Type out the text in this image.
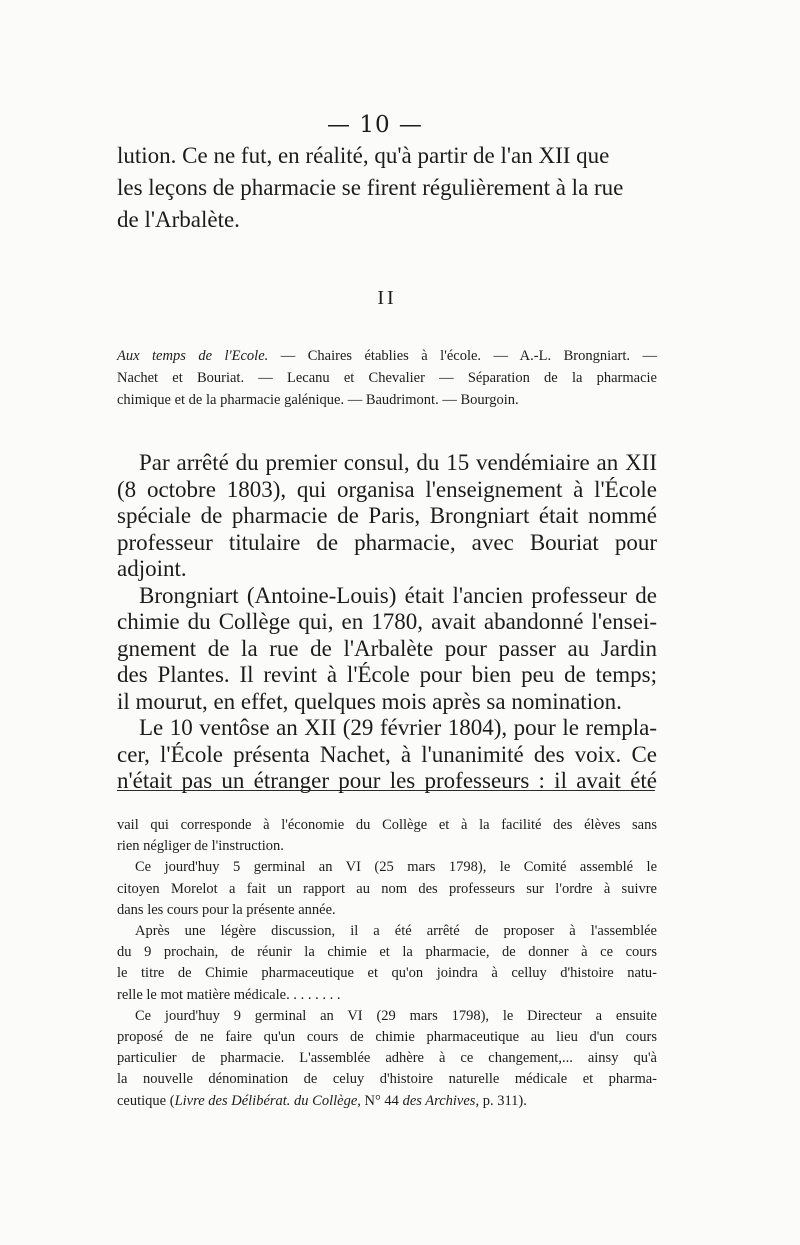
— 10 —
lution. Ce ne fut, en réalité, qu'à partir de l'an XII que
les leçons de pharmacie se firent régulièrement à la rue
de l'Arbalète.
II
Aux temps de l'Ecole. — Chaires établies à l'école. — A.-L. Brongniart. —
Nachet et Bouriat. — Lecanu et Chevalier — Séparation de la pharmacie
chimique et de la pharmacie galénique. — Baudrimont. — Bourgoin.
Par arrêté du premier consul, du 15 vendémiaire an XII
(8 octobre 1803), qui organisa l'enseignement à l'École
spéciale de pharmacie de Paris, Brongniart était nommé
professeur titulaire de pharmacie, avec Bouriat pour
adjoint.
Brongniart (Antoine-Louis) était l'ancien professeur de
chimie du Collège qui, en 1780, avait abandonné l'ensei-
gnement de la rue de l'Arbalète pour passer au Jardin
des Plantes. Il revint à l'École pour bien peu de temps;
il mourut, en effet, quelques mois après sa nomination.
Le 10 ventôse an XII (29 février 1804), pour le rempla-
cer, l'École présenta Nachet, à l'unanimité des voix. Ce
n'était pas un étranger pour les professeurs : il avait été
vail qui corresponde à l'économie du Collège et à la facilité des élèves sans
rien négliger de l'instruction.
Ce jourd'huy 5 germinal an VI (25 mars 1798), le Comité assemblé le
citoyen Morelot a fait un rapport au nom des professeurs sur l'ordre à suivre
dans les cours pour la présente année.
Après une légère discussion, il a été arrêté de proposer à l'assemblée
du 9 prochain, de réunir la chimie et la pharmacie, de donner à ce cours
le titre de Chimie pharmaceutique et qu'on joindra à celluy d'histoire natu-
relle le mot matière médicale. . . . . . . .
Ce jourd'huy 9 germinal an VI (29 mars 1798), le Directeur a ensuite
proposé de ne faire qu'un cours de chimie pharmaceutique au lieu d'un cours
particulier de pharmacie. L'assemblée adhère à ce changement,... ainsy qu'à
la nouvelle dénomination de celuy d'histoire naturelle médicale et pharma-
ceutique (Livre des Délibérat. du Collège, N° 44 des Archives, p. 311).
